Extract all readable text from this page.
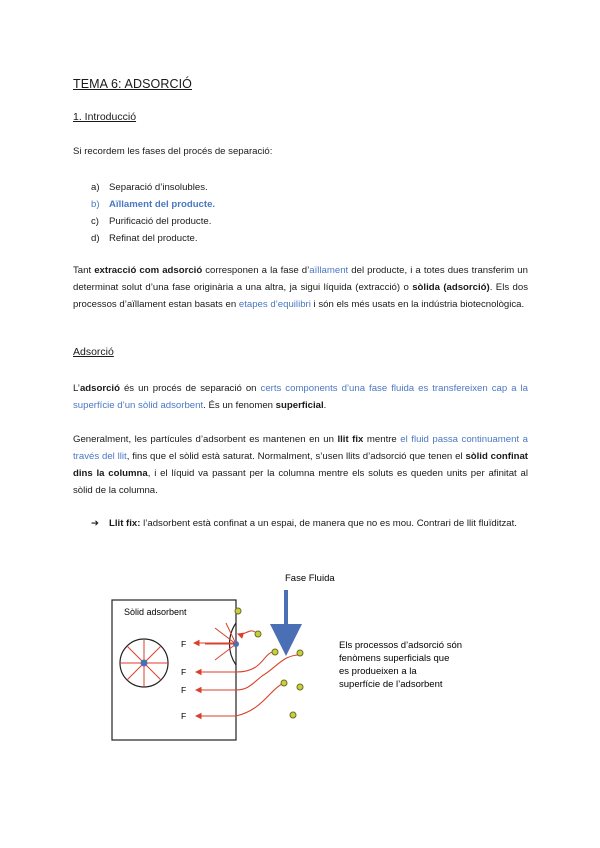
TEMA 6: ADSORCIÓ
1. Introducció
Si recordem les fases del procés de separació:
a) Separació d’insolubles.
b) Aïllament del producte.
c) Purificació del producte.
d) Refinat del producte.
Tant extracció com adsorció corresponen a la fase d’aïllament del producte, i a totes dues transferim un determinat solut d’una fase originària a una altra, ja sigui líquida (extracció) o sòlida (adsorció). Els dos processos d’aïllament estan basats en etapes d’equilibri i són els més usats en la indústria biotecnològica.
Adsorció
L’adsorció és un procés de separació on certs components d’una fase fluida es transfereixen cap a la superfície d’un sòlid adsorbent. És un fenomen superficial.
Generalment, les partícules d’adsorbent es mantenen en un llit fix mentre el fluid passa continuament a través del llit, fins que el sòlid està saturat. Normalment, s’usen llits d’adsorció que tenen el sòlid confinat dins la columna, i el líquid va passant per la columna mentre els soluts es queden units per afinitat al sòlid de la columna.
➔ Llit fix: l’adsorbent està confinat a un espai, de manera que no es mou. Contrari de llit fluïditzat.
Fase Fluida
Sòlid adsorbent
F
F
F
F
Els processos d’adsorció són fenòmens superficials que es produeixen a la superfície de l’adsorbent
